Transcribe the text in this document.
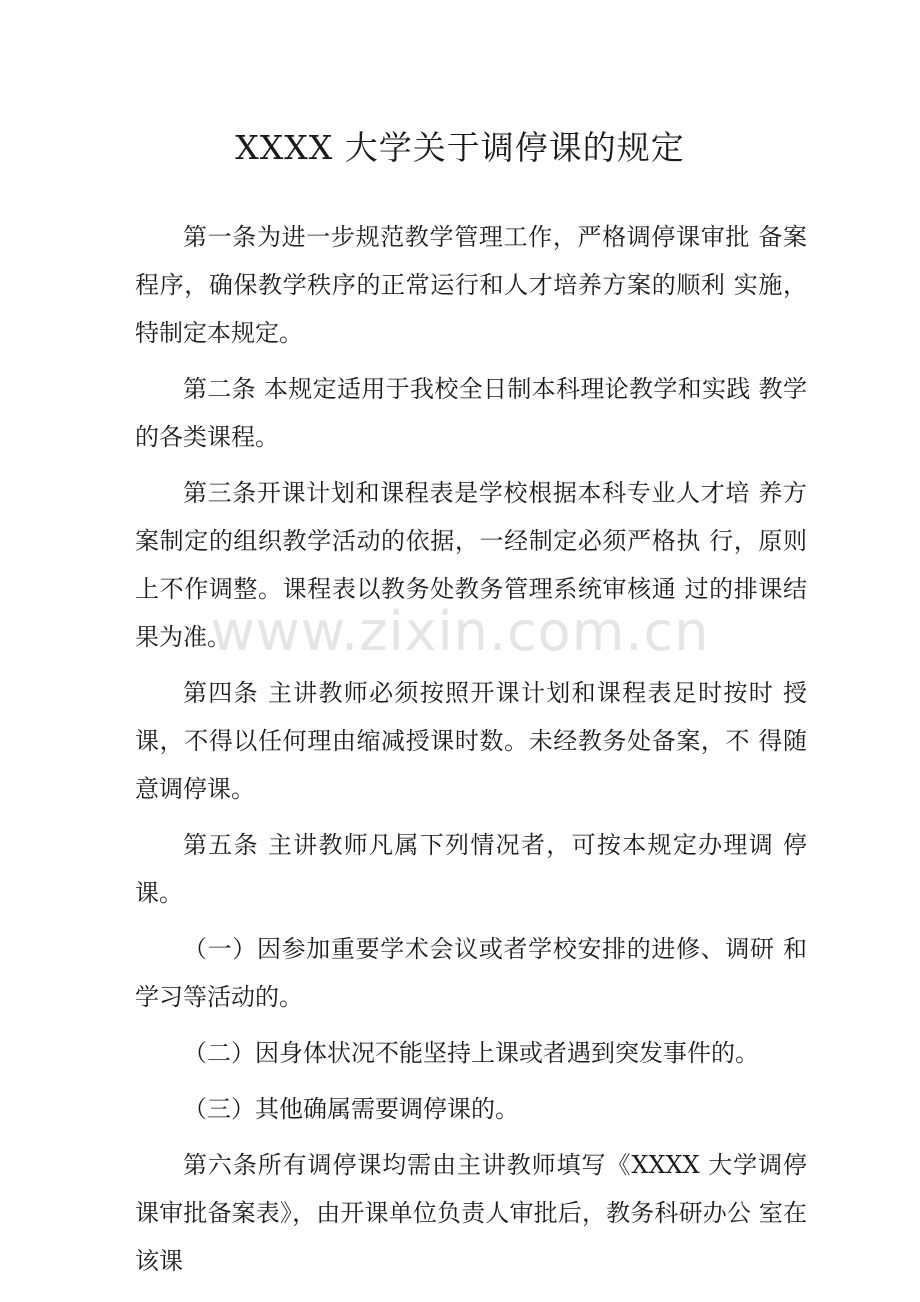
XXXX 大学关于调停课的规定

第一条为进一步规范教学管理工作，严格调停课审批 备案程序，确保教学秩序的正常运行和人才培养方案的顺利 实施，特制定本规定。

第二条 本规定适用于我校全日制本科理论教学和实践 教学的各类课程。

第三条开课计划和课程表是学校根据本科专业人才培 养方案制定的组织教学活动的依据，一经制定必须严格执 行，原则上不作调整。课程表以教务处教务管理系统审核通 过的排课结果为准。

第四条 主讲教师必须按照开课计划和课程表足时按时 授课，不得以任何理由缩减授课时数。未经教务处备案，不 得随意调停课。

第五条 主讲教师凡属下列情况者，可按本规定办理调 停课。

（一）因参加重要学术会议或者学校安排的进修、调研 和学习等活动的。

（二）因身体状况不能坚持上课或者遇到突发事件的。

（三）其他确属需要调停课的。

第六条所有调停课均需由主讲教师填写《XXXX 大学调停 课审批备案表》，由开课单位负责人审批后，教务科研办公 室在该课

www.zixin.com.cn
